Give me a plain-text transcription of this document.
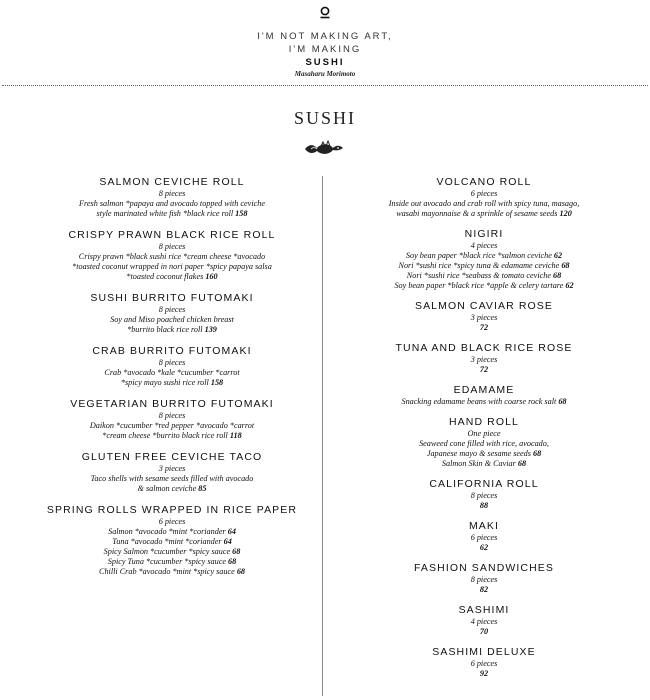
I'M NOT MAKING ART,
I'M MAKING
SUSHI
Masaharu Morimoto
SUSHI
SALMON CEVICHE ROLL
8 pieces
Fresh salmon *papaya and avocado topped with ceviche
style marinated white fish *black rice roll 158
CRISPY PRAWN BLACK RICE ROLL
8 pieces
Crispy prawn *black sushi rice *cream cheese *avocado
*toasted coconut wrapped in nori paper *spicy papaya salsa
*toasted coconut flakes 160
SUSHI BURRITO FUTOMAKI
8 pieces
Soy and Miso poached chicken breast
*burrito black rice roll 139
CRAB BURRITO FUTOMAKI
8 pieces
Crab *avocado *kale *cucumber *carrot
*spicy mayo sushi rice roll 158
VEGETARIAN BURRITO FUTOMAKI
8 pieces
Daikon *cucumber *red pepper *avocado *carrot
*cream cheese *burrito black rice roll 118
GLUTEN FREE CEVICHE TACO
3 pieces
Taco shells with sesame seeds filled with avocado
& salmon ceviche 85
SPRING ROLLS WRAPPED IN RICE PAPER
6 pieces
Salmon *avocado *mint *coriander 64
Tuna *avocado *mint *coriander 64
Spicy Salmon *cucumber *spicy sauce 68
Spicy Tuna *cucumber *spicy sauce 68
Chilli Crab *avocado *mint *spicy sauce 68
VOLCANO ROLL
6 pieces
Inside out avocado and crab roll with spicy tuna, masago,
wasabi mayonnaise & a sprinkle of sesame seeds 120
NIGIRI
4 pieces
Soy bean paper *black rice *salmon ceviche 62
Nori *sushi rice *spicy tuna & edamame ceviche 68
Nori *sushi rice *seabass & tomato ceviche 68
Soy bean paper *black rice *apple & celery tartare 62
SALMON CAVIAR ROSE
3 pieces
72
TUNA AND BLACK RICE ROSE
3 pieces
72
EDAMAME
Snacking edamame beans with coarse rock salt 68
HAND ROLL
One piece
Seaweed cone filled with rice, avocado,
Japanese mayo & sesame seeds 68
Salmon Skin & Caviar 68
CALIFORNIA ROLL
8 pieces
88
MAKI
6 pieces
62
FASHION SANDWICHES
8 pieces
82
SASHIMI
4 pieces
70
SASHIMI DELUXE
6 pieces
92
